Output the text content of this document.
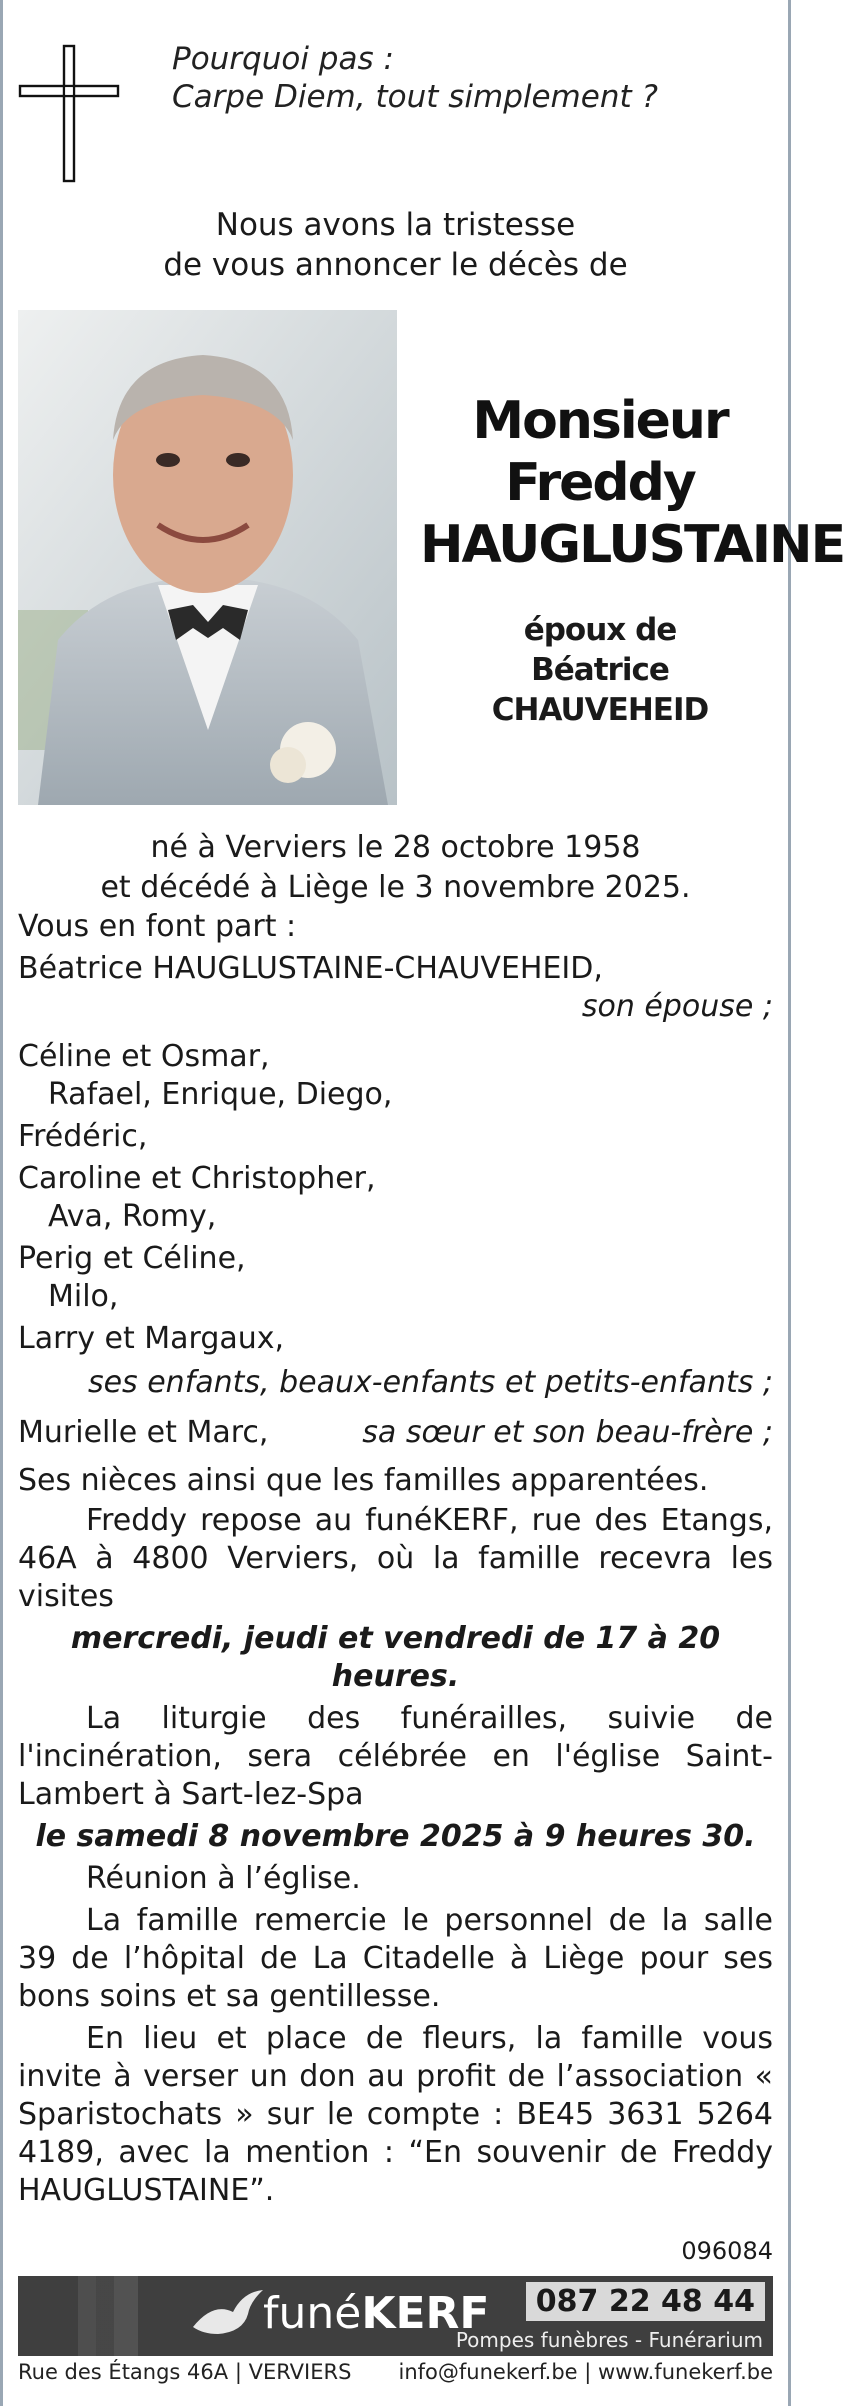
Pourquoi pas :
Carpe Diem, tout simplement ?
Nous avons la tristesse
de vous annoncer le décès de
Monsieur
Freddy
HAUGLUSTAINE
époux de
Béatrice CHAUVEHEID
né à Verviers le 28 octobre 1958
et décédé à Liège le 3 novembre 2025.
Vous en font part :
Béatrice HAUGLUSTAINE-CHAUVEHEID,
son épouse ;
Céline et Osmar,
Rafael, Enrique, Diego,
Frédéric,
Caroline et Christopher,
Ava, Romy,
Perig et Céline,
Milo,
Larry et Margaux,
ses enfants, beaux-enfants et petits-enfants ;
Murielle et Marc,	sa sœur et son beau-frère ;
Ses nièces ainsi que les familles apparentées.
Freddy repose au funéKERF, rue des Etangs, 46A à 4800 Verviers, où la famille recevra les visites
mercredi, jeudi et vendredi de 17 à 20 heures.
La liturgie des funérailles, suivie de l'incinération, sera célébrée en l'église Saint-Lambert à Sart-lez-Spa
le samedi 8 novembre 2025 à 9 heures 30.
Réunion à l’église.
La famille remercie le personnel de la salle 39 de l’hôpital de La Citadelle à Liège pour ses bons soins et sa gentillesse.
En lieu et place de fleurs, la famille vous invite à verser un don au profit de l’association « Sparistochats » sur le compte : BE45 3631 5264 4189, avec la mention : “En souvenir de Freddy HAUGLUSTAINE”.
096084
funéKERF	087 22 48 44
Pompes funèbres - Funérarium
Rue des Étangs 46A | VERVIERS info@funekerf.be | www.funekerf.be
